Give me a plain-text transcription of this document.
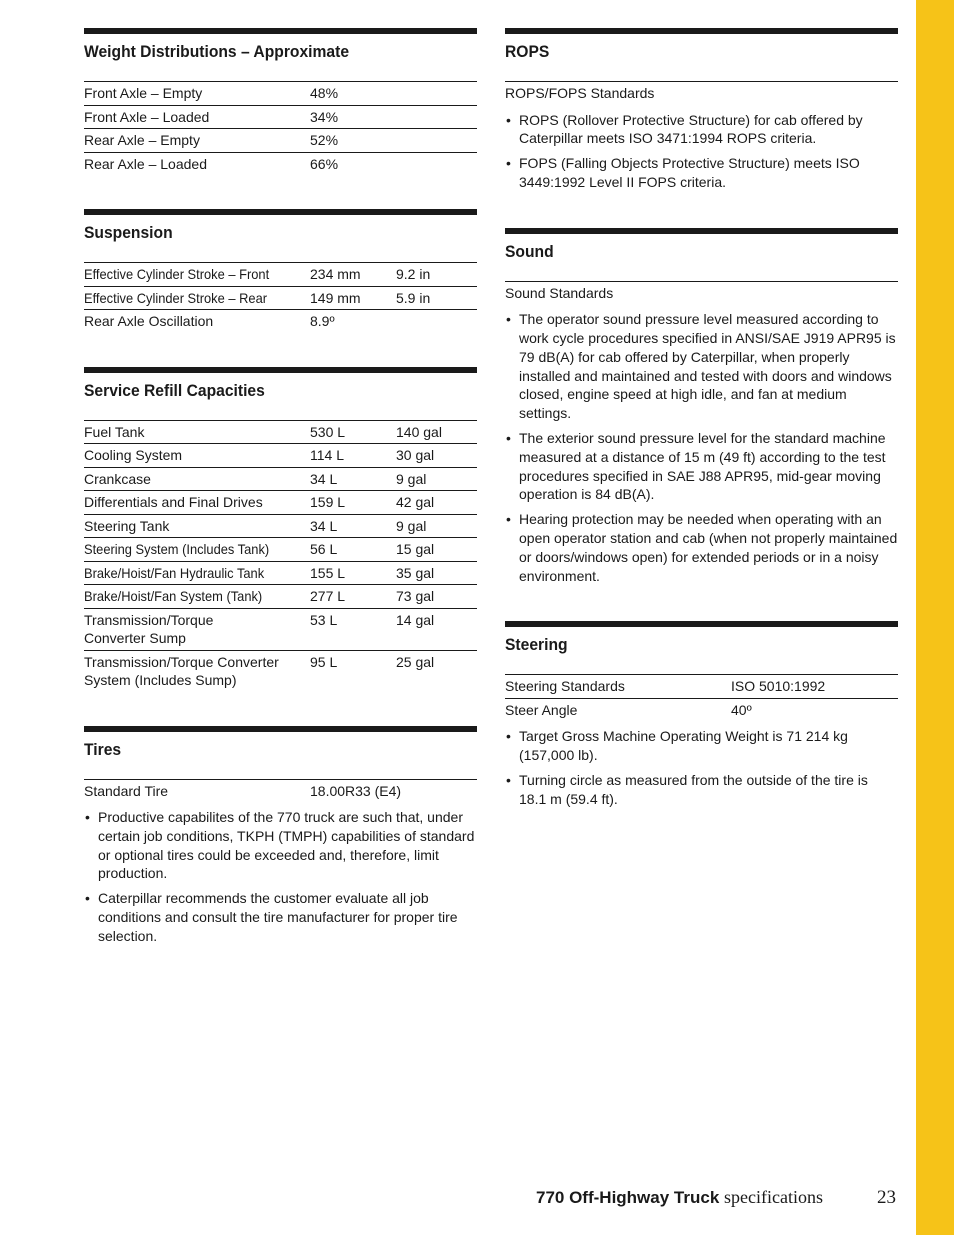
Weight Distributions – Approximate
Front Axle – Empty	48%	
Front Axle – Loaded	34%	
Rear Axle – Empty	52%	
Rear Axle – Loaded	66%	
Suspension
Effective Cylinder Stroke – Front	234 mm	9.2 in
Effective Cylinder Stroke – Rear	149 mm	5.9 in
Rear Axle Oscillation	8.9º	
Service Refill Capacities
Fuel Tank	530 L	140 gal
Cooling System	114 L	30 gal
Crankcase	34 L	9 gal
Differentials and Final Drives	159 L	42 gal
Steering Tank	34 L	9 gal
Steering System (Includes Tank)	56 L	15 gal
Brake/Hoist/Fan Hydraulic Tank	155 L	35 gal
Brake/Hoist/Fan System (Tank)	277 L	73 gal
Transmission/Torque Converter Sump	53 L	14 gal
Transmission/Torque Converter System (Includes Sump)	95 L	25 gal
Tires
Standard Tire	18.00R33 (E4)
• Productive capabilites of the 770 truck are such that, under certain job conditions, TKPH (TMPH) capabilities of standard or optional tires could be exceeded and, therefore, limit production.
• Caterpillar recommends the customer evaluate all job conditions and consult the tire manufacturer for proper tire selection.
ROPS
ROPS/FOPS Standards	
• ROPS (Rollover Protective Structure) for cab offered by Caterpillar meets ISO 3471:1994 ROPS criteria.
• FOPS (Falling Objects Protective Structure) meets ISO 3449:1992 Level II FOPS criteria.
Sound
Sound Standards	
• The operator sound pressure level measured according to work cycle procedures specified in ANSI/SAE J919 APR95 is 79 dB(A) for cab offered by Caterpillar, when properly installed and maintained and tested with doors and windows closed, engine speed at high idle, and fan at medium settings.
• The exterior sound pressure level for the standard machine measured at a distance of 15 m (49 ft) according to the test procedures specified in SAE J88 APR95, mid-gear moving operation is 84 dB(A).
• Hearing protection may be needed when operating with an open operator station and cab (when not properly maintained or doors/windows open) for extended periods or in a noisy environment.
Steering
Steering Standards	ISO 5010:1992
Steer Angle	40º
• Target Gross Machine Operating Weight is 71 214 kg (157,000 lb).
• Turning circle as measured from the outside of the tire is 18.1 m (59.4 ft).
770 Off-Highway Truck specifications	23
